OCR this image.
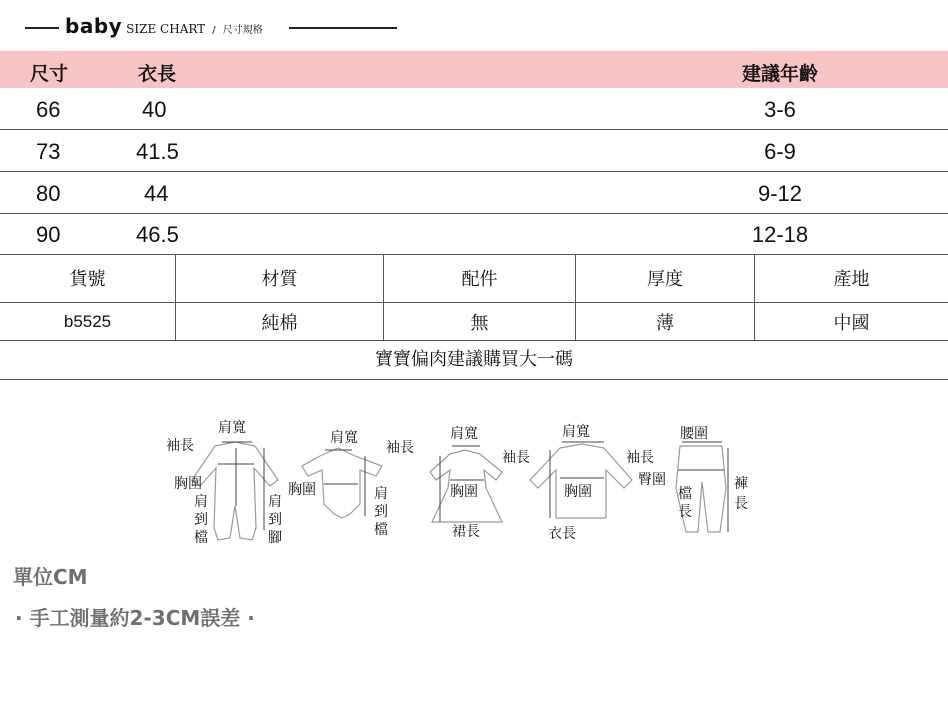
baby SIZE CHART / 尺寸規格
尺寸	衣長	建議年齡
66	40	3-6
73	41.5	6-9
80	44	9-12
90	46.5	12-18
貨號	材質	配件	厚度	產地
b5525	純棉	無	薄	中國
寶寶偏肉建議購買大一碼
肩寬
袖長
胸圍
肩
到
檔
肩
到
腳
肩寬
袖長
胸圍	肩
到
檔
肩寬
袖長
胸圍
裙長
肩寬
袖長
胸圍
衣長
腰圍
臀圍
檔
長
褲
長
單位CM
· 手工測量約2-3CM誤差 ·
